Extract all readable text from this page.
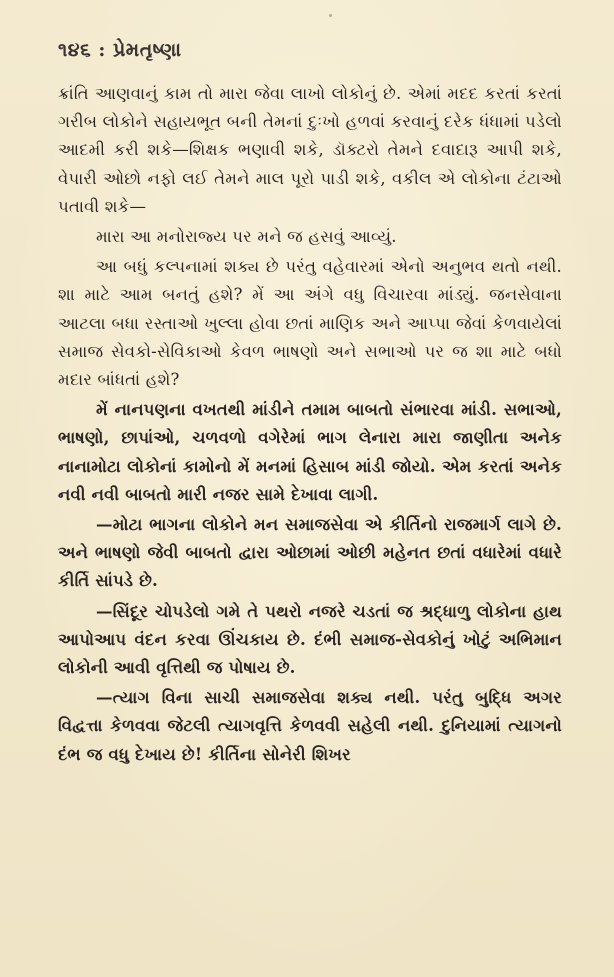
૧૪૬ : પ્રેમતૃષ્ણા

ક્રાંતિ આણવાનું કામ તો મારા જેવા લાખો લોકોનું છે. એમાં મદદ કરતાં કરતાં ગરીબ લોકોને સહાયભૂત બની તેમનાં દુઃખો હળવાં કરવાનું દરેક ધંધામાં પડેલો આદમી કરી શકે—શિક્ષક ભણાવી શકે, ડૉક્ટરો તેમને દવાદારૂ આપી શકે, વેપારી ઓછો નફો લઈ તેમને માલ પૂરો પાડી શકે, વકીલ એ લોકોના ટંટાઓ પતાવી શકે—

મારા આ મનોરાજ્ય પર મને જ હસવું આવ્યું.

આ બધું કલ્પનામાં શક્ય છે પરંતુ વહેવારમાં એનો અનુભવ થતો નથી. શા માટે આમ બનતું હશે? મેં આ અંગે વધુ વિચારવા માંડ્યું. જનસેવાના આટલા બધા રસ્તાઓ ખુલ્લા હોવા છતાં માણિક અને આપ્પા જેવાં કેળવાયેલાં સમાજ સેવકો-સેવિકાઓ કેવળ ભાષણો અને સભાઓ પર જ શા માટે બધો મદાર બાંધતાં હશે?

મેં નાનપણના વખતથી માંડીને તમામ બાબતો સંભારવા માંડી. સભાઓ, ભાષણો, છાપાંઓ, ચળવળો વગેરેમાં ભાગ લેનારા મારા જાણીતા અનેક નાનામોટા લોકોનાં કામોનો મેં મનમાં હિસાબ માંડી જોયો. એમ કરતાં અનેક નવી નવી બાબતો મારી નજર સામે દેખાવા લાગી.

—મોટા ભાગના લોકોને મન સમાજસેવા એ કીર્તિનો રાજમાર્ગ લાગે છે. અને ભાષણો જેવી બાબતો દ્વારા ઓછામાં ઓછી મહેનત છતાં વધારેમાં વધારે કીર્તિ સાંપડે છે.

—સિંદૂર ચોપડેલો ગમે તે પથરો નજરે ચડતાં જ શ્રદ્ધાળુ લોકોના હાથ આપોઆપ વંદન કરવા ઊંચકાય છે. દંભી સમાજ-સેવકોનું ખોટું અભિમાન લોકોની આવી વૃત્તિથી જ પોષાય છે.

—ત્યાગ વિના સાચી સમાજસેવા શક્ય નથી. પરંતુ બુદ્ધિ અગર વિદ્વત્તા કેળવવા જેટલી ત્યાગવૃત્તિ કેળવવી સહેલી નથી. દુનિયામાં ત્યાગનો દંભ જ વધુ દેખાય છે! કીર્તિના સોનેરી શિખર
